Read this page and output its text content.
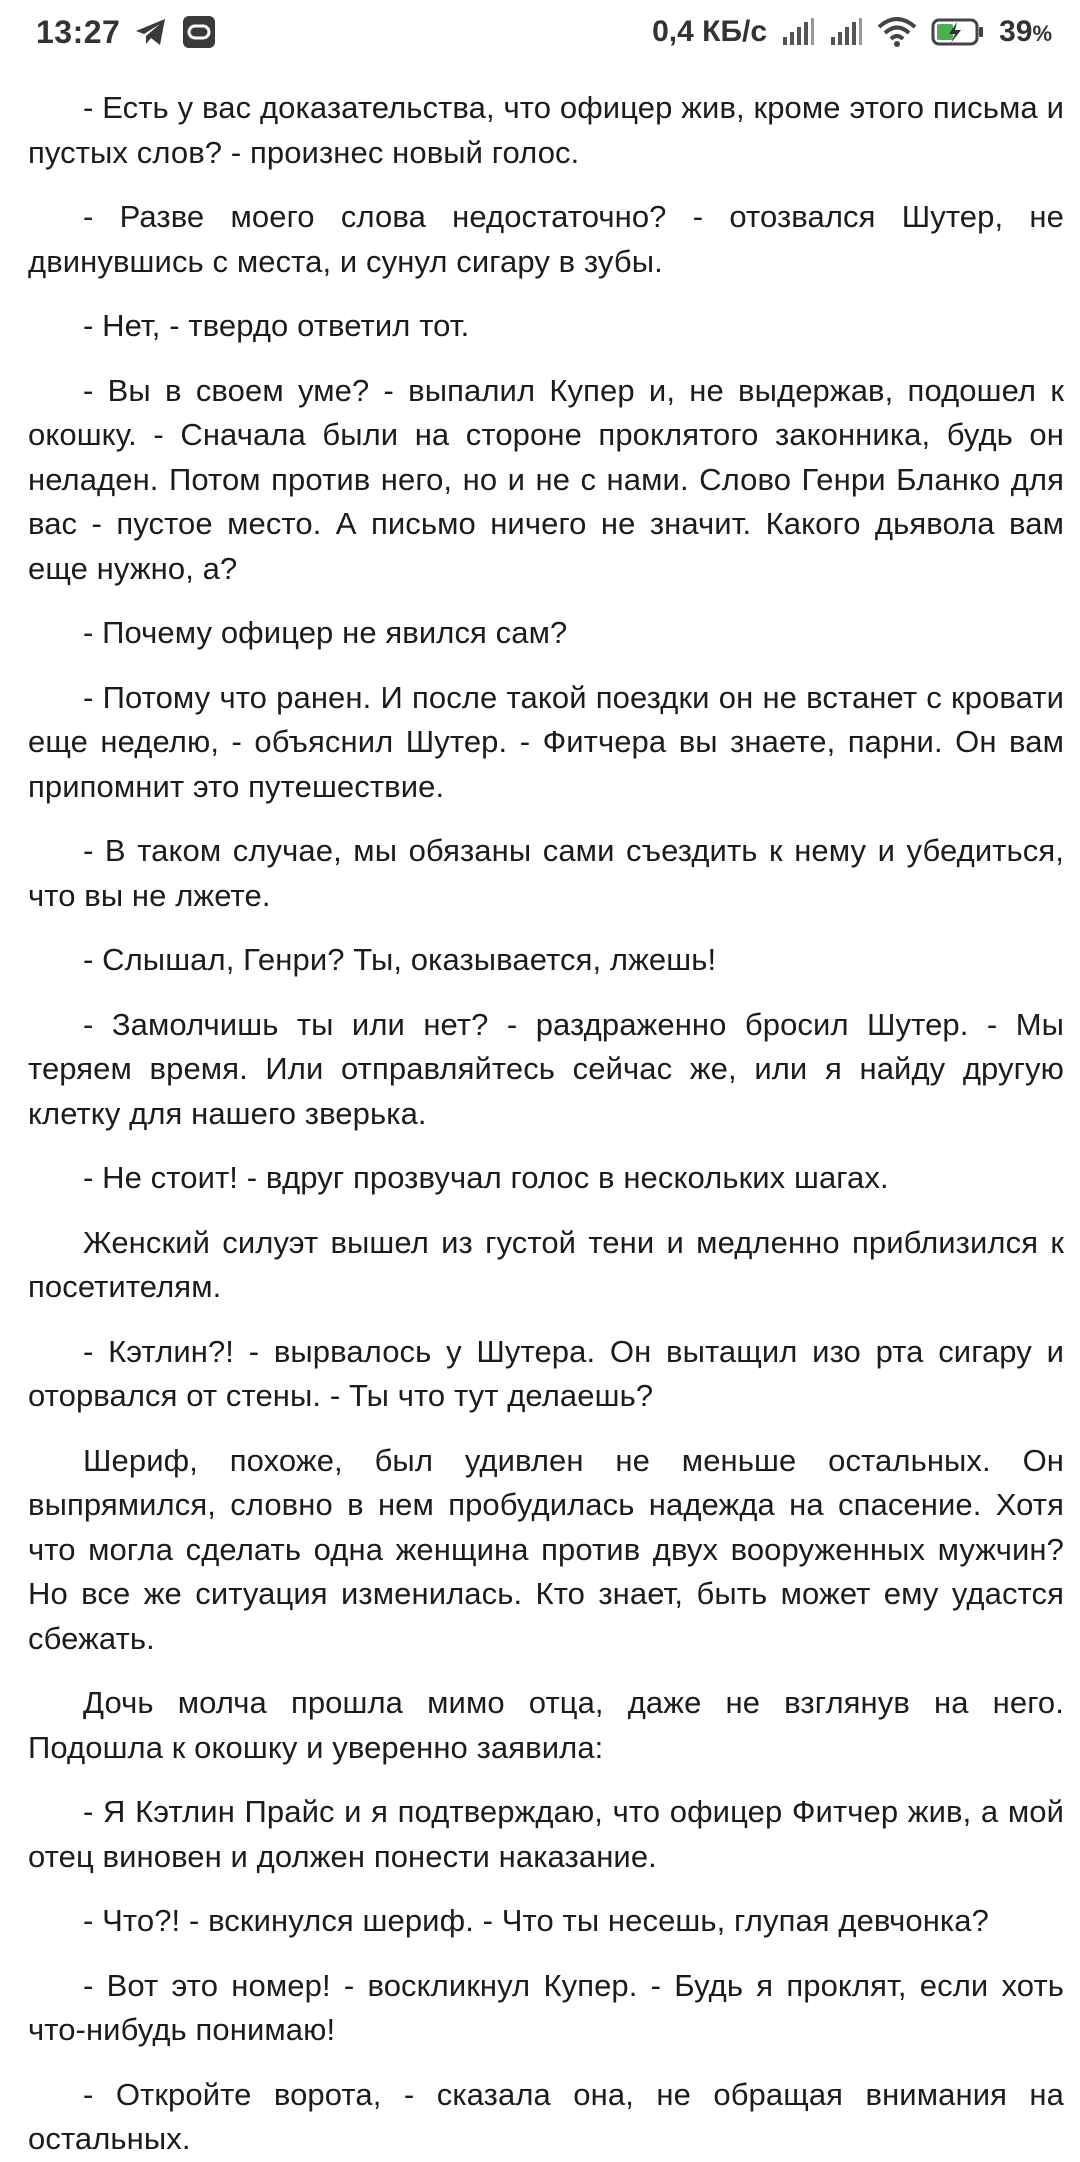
13:27	0,4 КБ/с	39%

- Есть у вас доказательства, что офицер жив, кроме этого письма и пустых слов? - произнес новый голос.

- Разве моего слова недостаточно? - отозвался Шутер, не двинувшись с места, и сунул сигару в зубы.

- Нет, - твердо ответил тот.

- Вы в своем уме? - выпалил Купер и, не выдержав, подошел к окошку. - Сначала были на стороне проклятого законника, будь он неладен. Потом против него, но и не с нами. Слово Генри Бланко для вас - пустое место. А письмо ничего не значит. Какого дьявола вам еще нужно, а?

- Почему офицер не явился сам?

- Потому что ранен. И после такой поездки он не встанет с кровати еще неделю, - объяснил Шутер. - Фитчера вы знаете, парни. Он вам припомнит это путешествие.

- В таком случае, мы обязаны сами съездить к нему и убедиться, что вы не лжете.

- Слышал, Генри? Ты, оказывается, лжешь!

- Замолчишь ты или нет? - раздраженно бросил Шутер. - Мы теряем время. Или отправляйтесь сейчас же, или я найду другую клетку для нашего зверька.

- Не стоит! - вдруг прозвучал голос в нескольких шагах.

Женский силуэт вышел из густой тени и медленно приблизился к посетителям.

- Кэтлин?! - вырвалось у Шутера. Он вытащил изо рта сигару и оторвался от стены. - Ты что тут делаешь?

Шериф, похоже, был удивлен не меньше остальных. Он выпрямился, словно в нем пробудилась надежда на спасение. Хотя что могла сделать одна женщина против двух вооруженных мужчин? Но все же ситуация изменилась. Кто знает, быть может ему удастся сбежать.

Дочь молча прошла мимо отца, даже не взглянув на него. Подошла к окошку и уверенно заявила:

- Я Кэтлин Прайс и я подтверждаю, что офицер Фитчер жив, а мой отец виновен и должен понести наказание.

- Что?! - вскинулся шериф. - Что ты несешь, глупая девчонка?

- Вот это номер! - воскликнул Купер. - Будь я проклят, если хоть что-нибудь понимаю!

- Откройте ворота, - сказала она, не обращая внимания на остальных.
